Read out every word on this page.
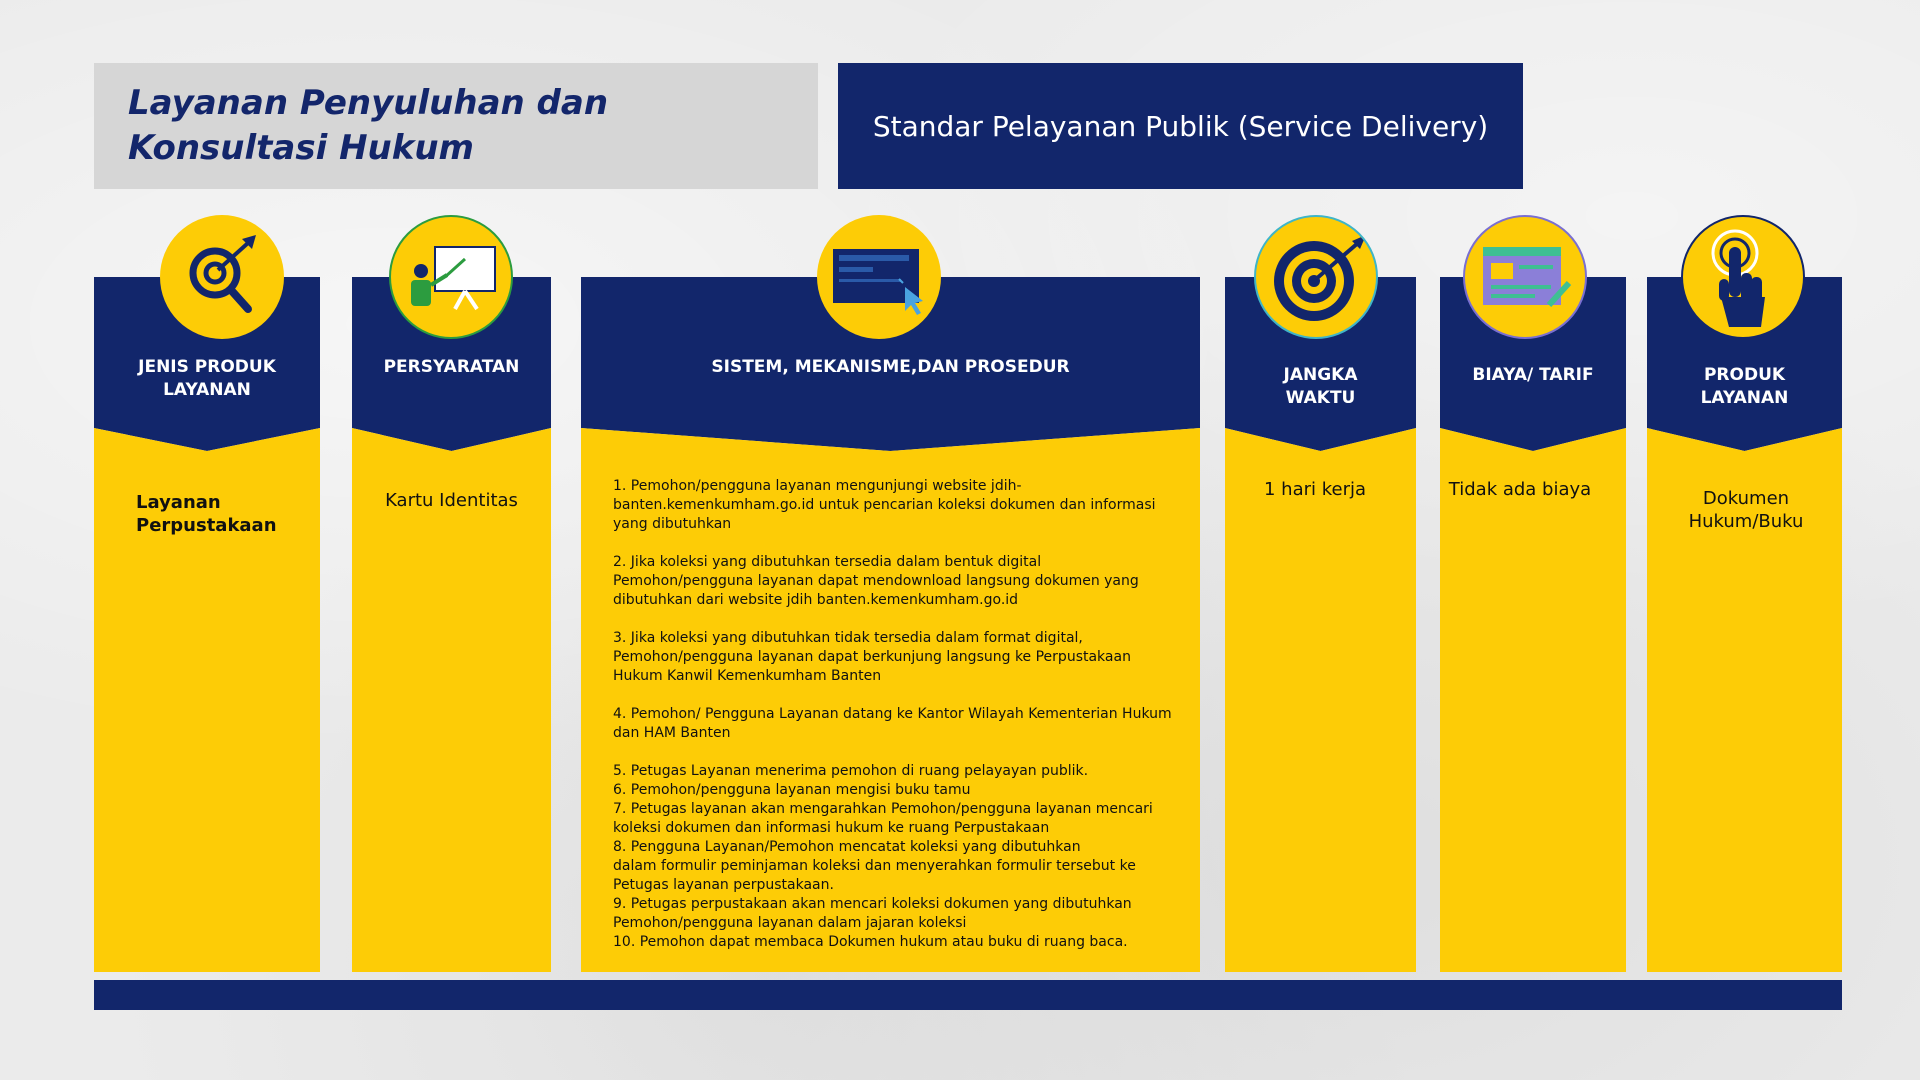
Layanan Penyuluhan dan Konsultasi Hukum
Standar Pelayanan Publik (Service Delivery)
JENIS PRODUK LAYANAN
Layanan Perpustakaan
PERSYARATAN
Kartu Identitas
SISTEM, MEKANISME,DAN PROSEDUR	JANGKA WAKTU
1 hari kerja
BIAYA/ TARIF
Tidak ada biaya
PRODUK LAYANAN
Dokumen Hukum/Buku

1. Pemohon/pengguna layanan mengunjungi website jdih-
banten.kemenkumham.go.id untuk pencarian koleksi dokumen dan informasi
yang dibutuhkan

2. Jika koleksi yang dibutuhkan tersedia dalam bentuk digital
Pemohon/pengguna layanan dapat mendownload langsung dokumen yang
dibutuhkan dari website jdih banten.kemenkumham.go.id

3. Jika koleksi yang dibutuhkan tidak tersedia dalam format digital,
Pemohon/pengguna layanan dapat berkunjung langsung ke Perpustakaan
Hukum Kanwil Kemenkumham Banten

4. Pemohon/ Pengguna Layanan datang ke Kantor Wilayah Kementerian Hukum
dan HAM Banten

5. Petugas Layanan menerima pemohon di ruang pelayayan publik.

6. Pemohon/pengguna layanan mengisi buku tamu

7. Petugas layanan akan mengarahkan Pemohon/pengguna layanan mencari
koleksi dokumen dan informasi hukum ke ruang Perpustakaan

8. Pengguna Layanan/Pemohon mencatat koleksi yang dibutuhkan
dalam formulir peminjaman koleksi dan menyerahkan formulir tersebut ke
Petugas layanan perpustakaan.

9. Petugas perpustakaan akan mencari koleksi dokumen yang dibutuhkan
Pemohon/pengguna layanan dalam jajaran koleksi

10. Pemohon dapat membaca Dokumen hukum atau buku di ruang baca.
